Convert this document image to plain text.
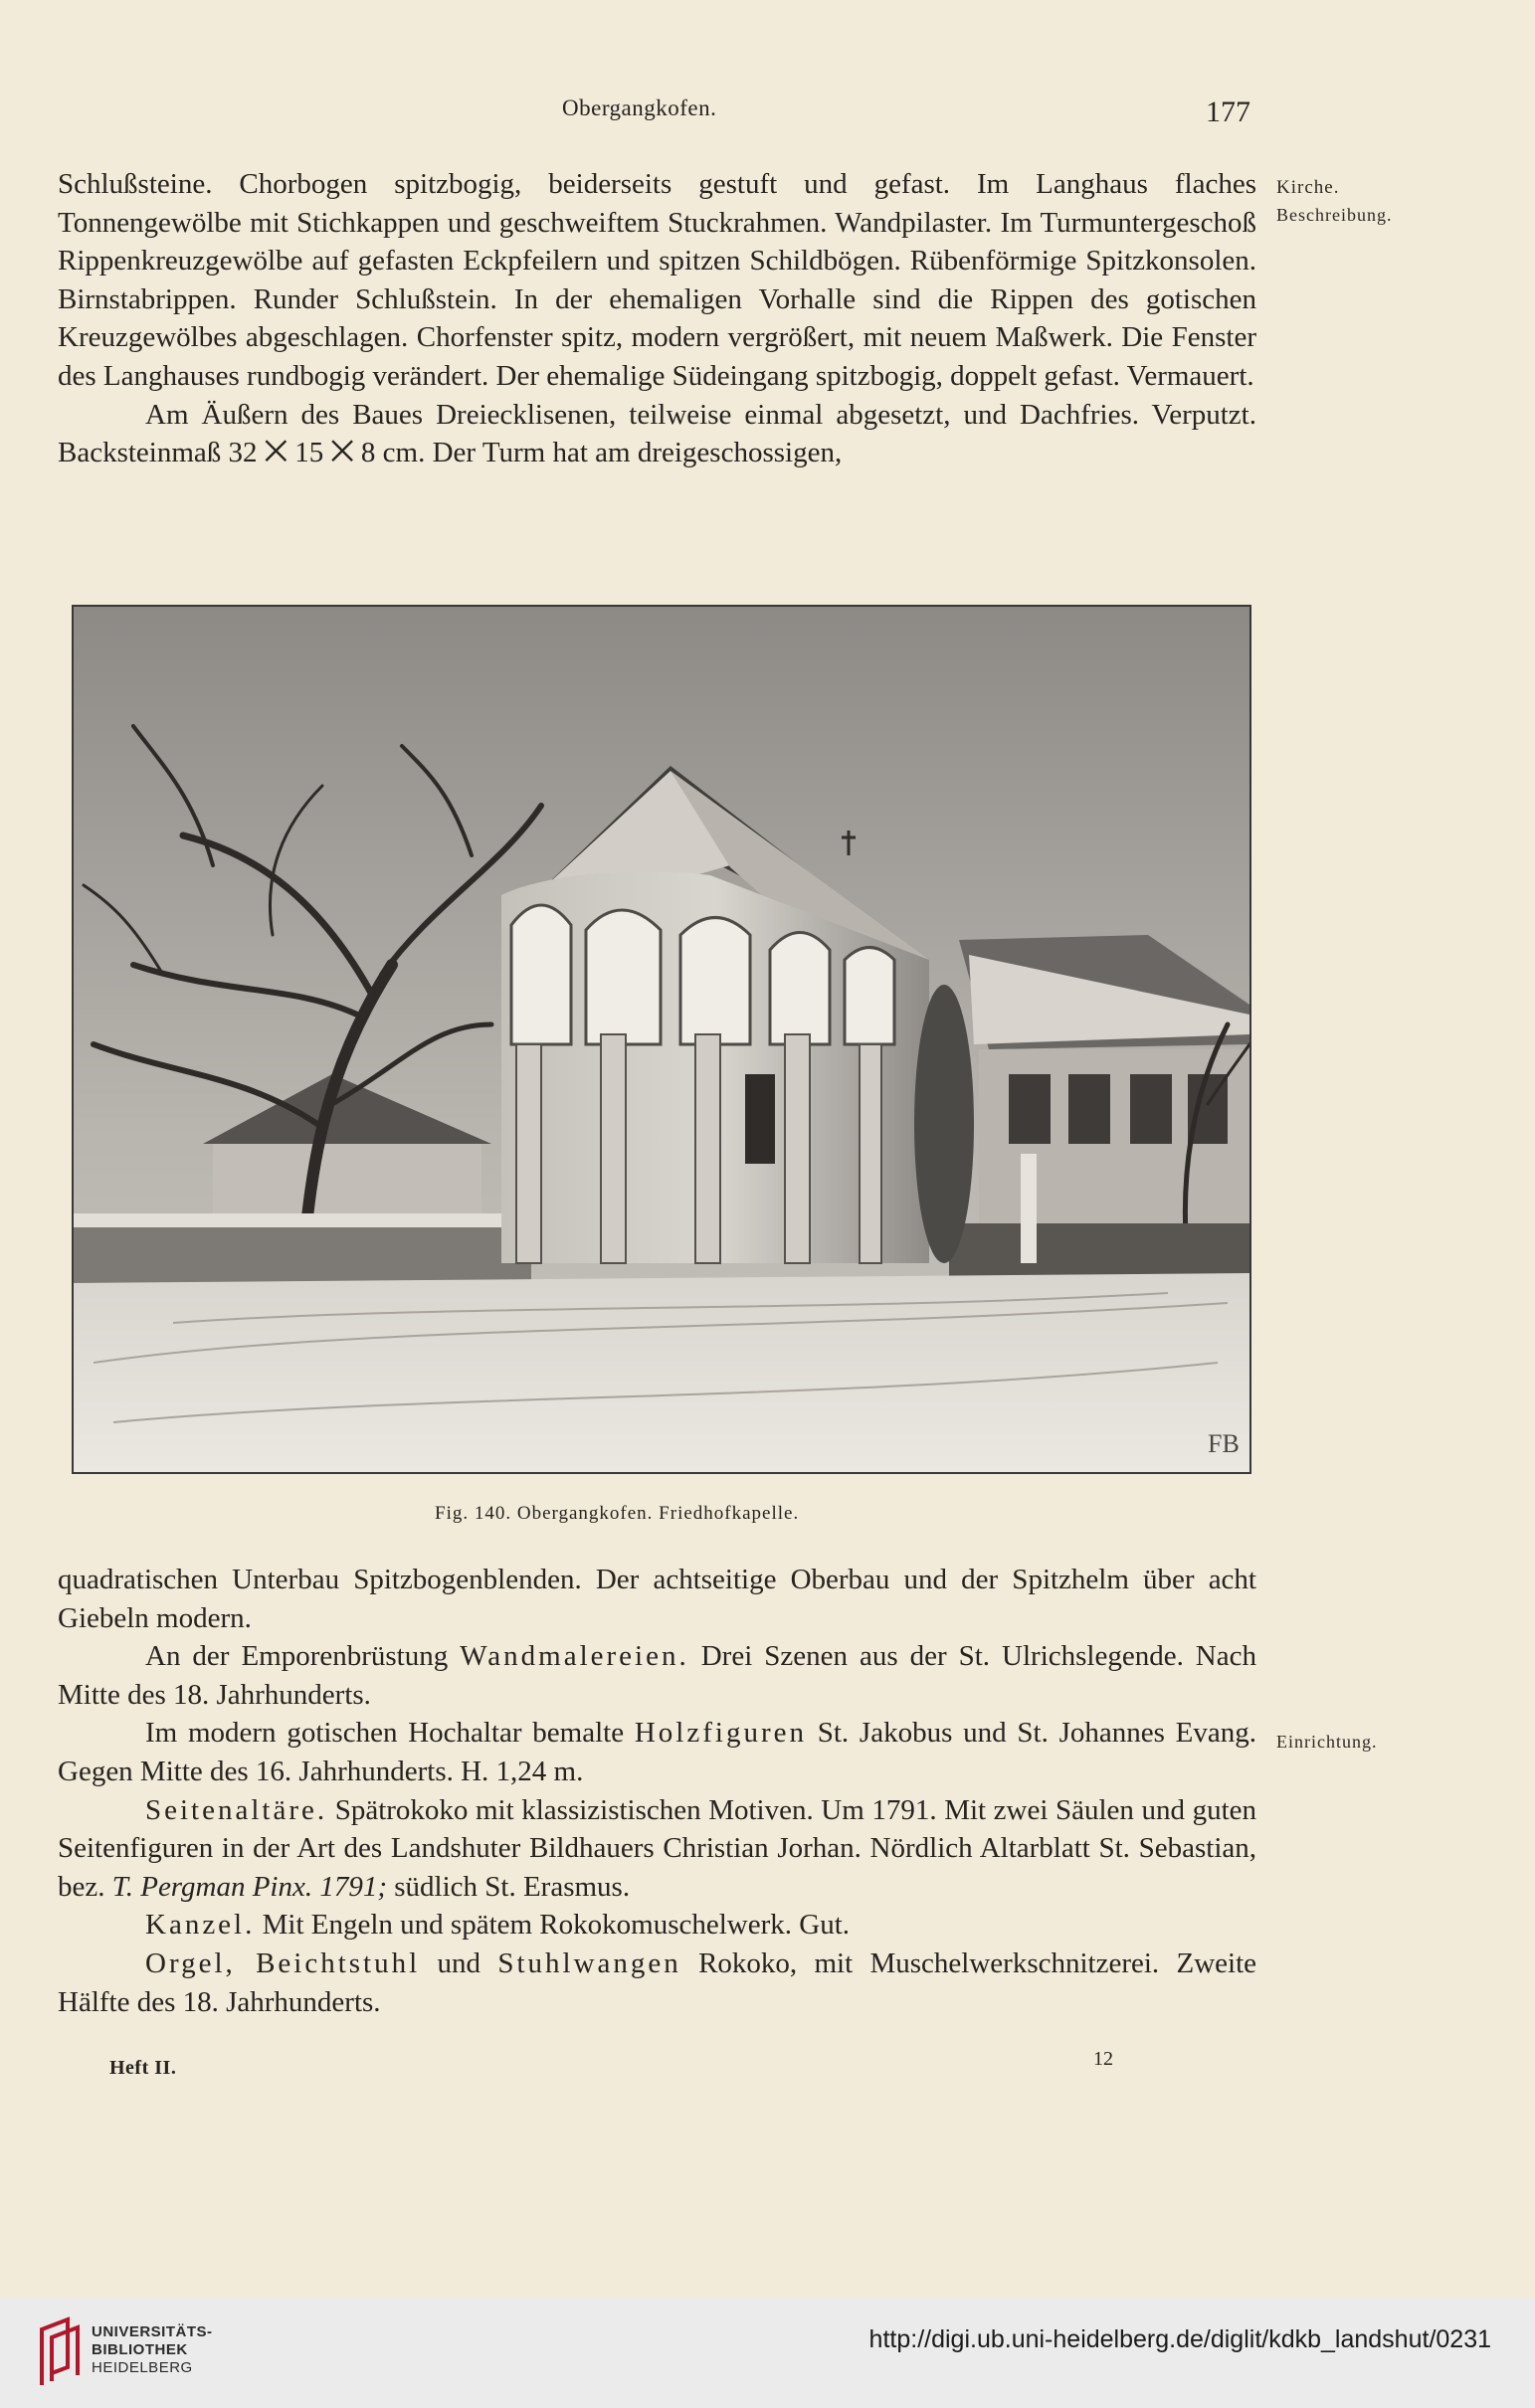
Obergangkofen.	177
Kirche.
Beschreibung.
Einrichtung.

Schlußsteine. Chorbogen spitzbogig, beiderseits gestuft und gefast. Im Langhaus flaches Tonnengewölbe mit Stichkappen und geschweiftem Stuckrahmen. Wandpilaster. Im Turmuntergeschoß Rippenkreuzgewölbe auf gefasten Eckpfeilern und spitzen Schildbögen. Rübenförmige Spitzkonsolen. Birnstabrippen. Runder Schlußstein. In der ehemaligen Vorhalle sind die Rippen des gotischen Kreuzgewölbes abgeschlagen. Chorfenster spitz, modern vergrößert, mit neuem Maßwerk. Die Fenster des Langhauses rundbogig verändert. Der ehemalige Südeingang spitzbogig, doppelt gefast. Vermauert.

Am Äußern des Baues Dreiecklisenen, teilweise einmal abgesetzt, und Dachfries. Verputzt. Backsteinmaß 32 ⨉ 15 ⨉ 8 cm. Der Turm hat am dreigeschossigen,

FB
Fig. 140. Obergangkofen. Friedhofkapelle.

quadratischen Unterbau Spitzbogenblenden. Der achtseitige Oberbau und der Spitzhelm über acht Giebeln modern.

An der Emporenbrüstung Wandmalereien. Drei Szenen aus der St. Ulrichslegende. Nach Mitte des 18. Jahrhunderts.

Im modern gotischen Hochaltar bemalte Holzfiguren St. Jakobus und St. Johannes Evang. Gegen Mitte des 16. Jahrhunderts. H. 1,24 m.

Seitenaltäre. Spätrokoko mit klassizistischen Motiven. Um 1791. Mit zwei Säulen und guten Seitenfiguren in der Art des Landshuter Bildhauers Christian Jorhan. Nördlich Altarblatt St. Sebastian, bez. T. Pergman Pinx. 1791; südlich St. Erasmus.

Kanzel. Mit Engeln und spätem Rokokomuschelwerk. Gut.

Orgel, Beichtstuhl und Stuhlwangen Rokoko, mit Muschelwerkschnitzerei. Zweite Hälfte des 18. Jahrhunderts.

Heft II.	12
UNIVERSITÄTS-
BIBLIOTHEK
HEIDELBERG
http://digi.ub.uni-heidelberg.de/diglit/kdkb_landshut/0231
